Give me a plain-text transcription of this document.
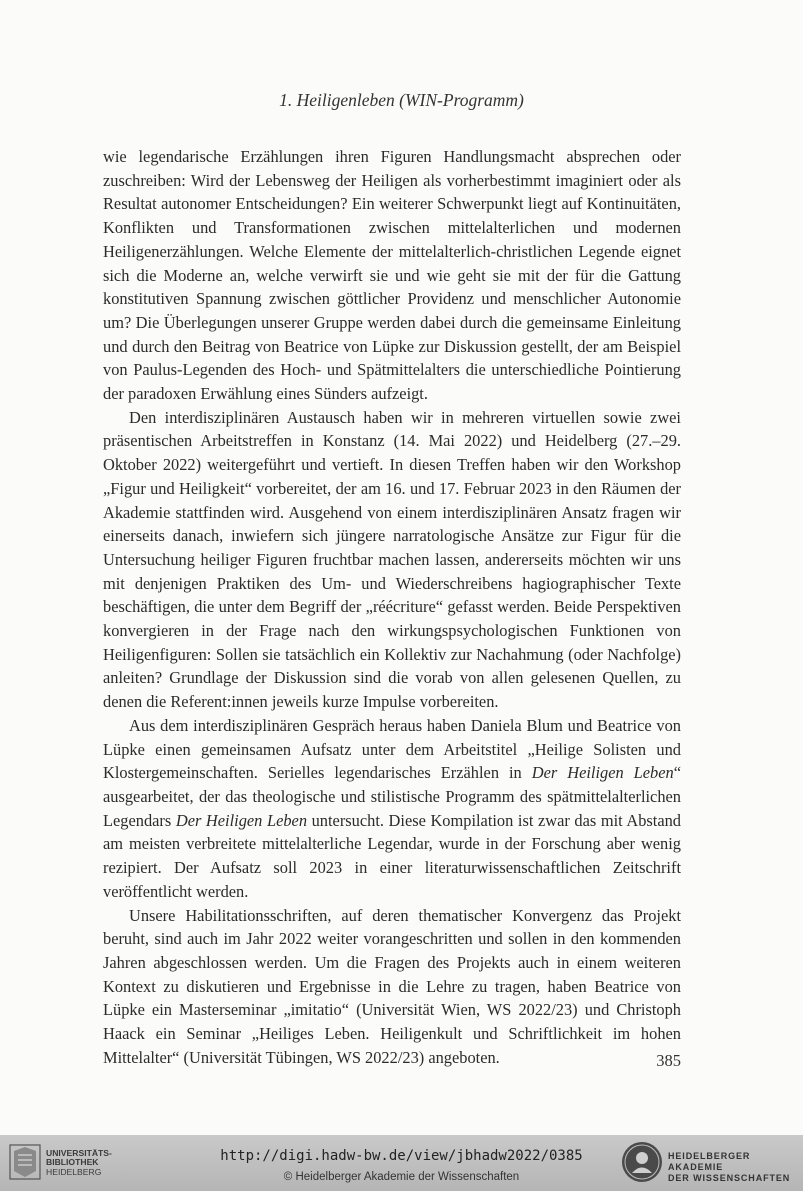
1. Heiligenleben (WIN-Programm)

wie legendarische Erzählungen ihren Figuren Handlungsmacht absprechen oder zuschreiben: Wird der Lebensweg der Heiligen als vorherbestimmt imaginiert oder als Resultat autonomer Entscheidungen? Ein weiterer Schwerpunkt liegt auf Kontinuitäten, Konflikten und Transformationen zwischen mittelalterlichen und modernen Heiligenerzählungen. Welche Elemente der mittelalterlich-christlichen Legende eignet sich die Moderne an, welche verwirft sie und wie geht sie mit der für die Gattung konstitutiven Spannung zwischen göttlicher Providenz und menschlicher Autonomie um? Die Überlegungen unserer Gruppe werden dabei durch die gemeinsame Einleitung und durch den Beitrag von Beatrice von Lüpke zur Diskussion gestellt, der am Beispiel von Paulus-Legenden des Hoch- und Spätmittelalters die unterschiedliche Pointierung der paradoxen Erwählung eines Sünders aufzeigt.

Den interdisziplinären Austausch haben wir in mehreren virtuellen sowie zwei präsentischen Arbeitstreffen in Konstanz (14. Mai 2022) und Heidelberg (27.–29. Oktober 2022) weitergeführt und vertieft. In diesen Treffen haben wir den Workshop „Figur und Heiligkeit“ vorbereitet, der am 16. und 17. Februar 2023 in den Räumen der Akademie stattfinden wird. Ausgehend von einem interdisziplinären Ansatz fragen wir einerseits danach, inwiefern sich jüngere narratologische Ansätze zur Figur für die Untersuchung heiliger Figuren fruchtbar machen lassen, andererseits möchten wir uns mit denjenigen Praktiken des Um- und Wiederschreibens hagiographischer Texte beschäftigen, die unter dem Begriff der „réécriture“ gefasst werden. Beide Perspektiven konvergieren in der Frage nach den wirkungspsychologischen Funktionen von Heiligenfiguren: Sollen sie tatsächlich ein Kollektiv zur Nachahmung (oder Nachfolge) anleiten? Grundlage der Diskussion sind die vorab von allen gelesenen Quellen, zu denen die Referent:innen jeweils kurze Impulse vorbereiten.

Aus dem interdisziplinären Gespräch heraus haben Daniela Blum und Beatrice von Lüpke einen gemeinsamen Aufsatz unter dem Arbeitstitel „Heilige Solisten und Klostergemeinschaften. Serielles legendarisches Erzählen in Der Heiligen Leben“ ausgearbeitet, der das theologische und stilistische Programm des spätmittelalterlichen Legendars Der Heiligen Leben untersucht. Diese Kompilation ist zwar das mit Abstand am meisten verbreitete mittelalterliche Legendar, wurde in der Forschung aber wenig rezipiert. Der Aufsatz soll 2023 in einer literaturwissenschaftlichen Zeitschrift veröffentlicht werden.

Unsere Habilitationsschriften, auf deren thematischer Konvergenz das Projekt beruht, sind auch im Jahr 2022 weiter vorangeschritten und sollen in den kommenden Jahren abgeschlossen werden. Um die Fragen des Projekts auch in einem weiteren Kontext zu diskutieren und Ergebnisse in die Lehre zu tragen, haben Beatrice von Lüpke ein Masterseminar „imitatio“ (Universität Wien, WS 2022/23) und Christoph Haack ein Seminar „Heiliges Leben. Heiligenkult und Schriftlichkeit im hohen Mittelalter“ (Universität Tübingen, WS 2022/23) angeboten.	385
UNIVERSITÄTS-
BIBLIOTHEK
HEIDELBERG
http://digi.hadw-bw.de/view/jbhadw2022/0385
© Heidelberger Akademie der Wissenschaften
HEIDELBERGER AKADEMIE
DER WISSENSCHAFTEN
